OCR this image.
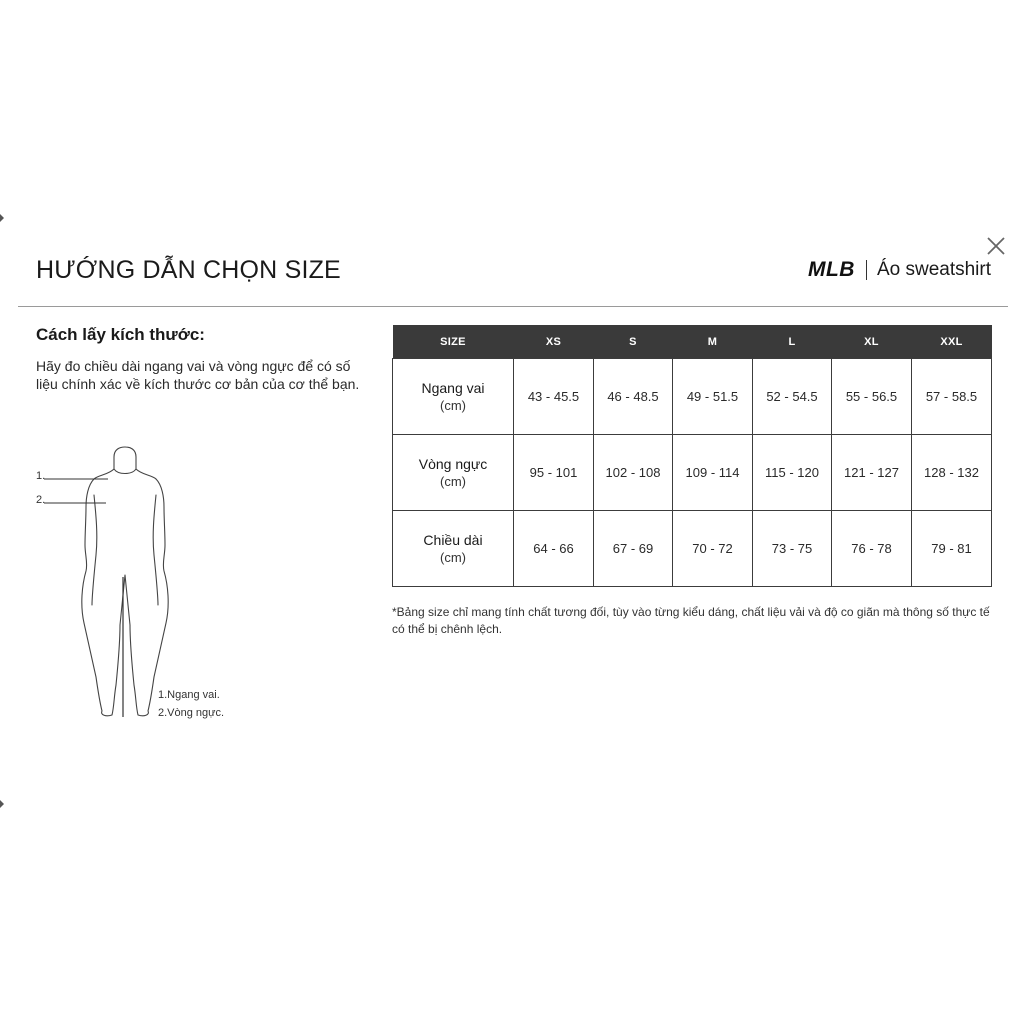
HƯỚNG DẪN CHỌN SIZE	MLB Áo sweatshirt
Cách lấy kích thước:
Hãy đo chiều dài ngang vai và vòng ngực để có số liệu chính xác về kích thước cơ bản của cơ thể bạn.
1.
2.
1.Ngang vai.
2.Vòng ngực.
SIZE	XS	S	M	L	XL	XXL

Ngang vai
(cm)	43 - 45.5	46 - 48.5	49 - 51.5	52 - 54.5	55 - 56.5	57 - 58.5

Vòng ngực
(cm)	95 - 101	102 - 108	109 - 114	115 - 120	121 - 127	128 - 132

Chiều dài
(cm)	64 - 66	67 - 69	70 - 72	73 - 75	76 - 78	79 - 81
*Bảng size chỉ mang tính chất tương đối, tùy vào từng kiểu dáng, chất liệu vải và độ co giãn mà thông số thực tế có thể bị chênh lệch.
